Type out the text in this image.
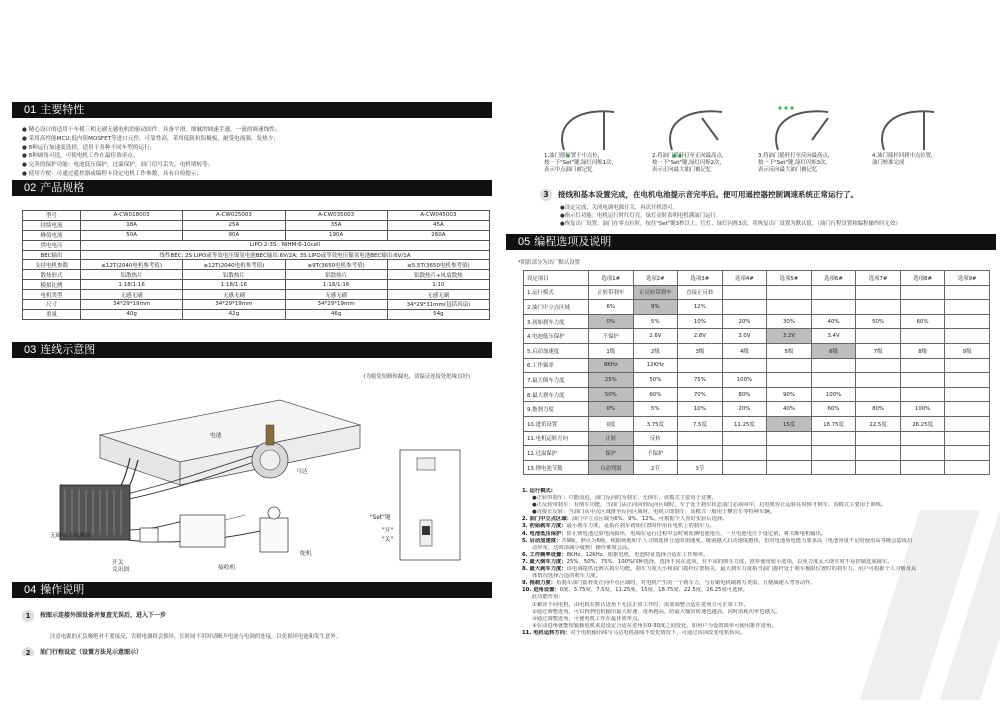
01 主要特性
● 精心设计的适用于车模三相无刷无感电机的驱动固件，具备平滑、细腻的调速手感，一流的调速线性；
● 采用高性能MCU;低内阻MOSFET等进口元件。可靠性高，采用低阻抗铝极板，耐受电流强，发热少；
● 8种运行加速度选择，适用于各种不同车型的运行；
● 8种调角可选，可使电机工作在最佳效率点；
● 完善的保护功能：电池低压保护，过温保护，油门信号丢失，电机堵转等；
● 使用方便：可通过遥控器或编程卡设定电机工作参数，具有自检提示；
02 产品规格
型号	A-CW018003	A-CW025003	A-CW035003	A-CW045003
持续电流	18A	25A	35A	45A
峰值电流	50A	90A	190A	260A
供电电压	LiPO:2-3S ; NIHM:6-10cell			
BEC输出	线性BEC; 2S LIPO或等效电压镍氢电池BEC输出:6V/2A; 3S LIPO或等效电压镍氢电池BEC输出:6V/1A			
支持电机参数	≥12T(2040电机参考值)	≥12T(2040电机参考值)	≥9T(3650电机参考值)	≥5.5T(3650电机参考值)
散热形式	铝散热片	铝散热片	铝散热片	铝散热片+风扇散热
模拟比例	1:18/1:16	1:18/1:16	1:18/1:16	1:10
电机类型	无感无刷	无感无刷	无感无刷	无感无刷
尺寸	34*29*19mm	34*29*19mm	34*29*19mm	34*29*31mm(包括风扇)
重量	40g	42g	46g	54g
03 连线示意图
(为避免短路和漏电，请保证连接处绝缘良好)
电池
马达
无刷电子调速器
开关
兑讯固	接收机
舵机
"Set"键
"开"
"关"
04 操作说明
1 按图示连接外围设备并复查无误后，进入下一步
注意电源的正负极绝对不要接反，否则电调将会损坏，长时间不用时请断开电池与电调的连接，以免损坏电池和发生意外。
2 油门行程设定（设置方法见示意图示）
1.油门摇杆置于中点位，
按一下"Set"键,绿灯闪烁1次,
表示中点油门被记忆
2.将油门摇杆打至正向最高点,
按一下"Set"键,绿灯闪烁2次,
表示正向最大油门被记忆
3.将油门摇杆打至反向最高点,
按一下"Set"键,绿灯闪烁3次,
表示反向最大油门被记忆
4.油门摇杆回到中点位置,
油门校准完成
3 接线和基本设置完成，在电机电池提示音完毕后。便可用遥控器控制调速系统正常运行了。
●设定完成，关闭电调电源开关，再次开机即可。
●指示灯功能：电机运行时红灯亮，绿灯亮时表明电机满油门运行。
●恢复出厂设置：油门在零点位时，按住"Set"键3秒以上，红灯、绿灯闪烁3次，将恢复出厂设置为默认值。（油门行程设置和编程操作时无效）
05 编程选项及说明
*阴影部分为出厂默认设置
设定项目	选项1#	选项2#	选项3#	选项4#	选项5#	选项6#	选项7#	选项8#	选项9#
1.运行模式	正转带刹车	正反转带刹车	直接正反转						
2.油门中立点区域	6%	9%	12%						
3.初始刹车力度	0%	5%	10%	20%	30%	40%	50%	60%	
4.电池低压保护	不保护	2.6V	2.8V	3.0V	3.2V	3.4V			
5.启动加速度	1级	2级	3级	4级	5级	6级	7级	8级	9级
6.工作频率	8KHz	12KHz							
7.最大倒车力度	25%	50%	75%	100%					
8.最大刹车力度	50%	60%	70%	80%	90%	100%			
9.拖刹力度	0%	5%	10%	20%	40%	60%	80%	100%	
10.进角设置	0度	3.75度	7.5度	11.25度	15度	18.75度	22.5度	26.25度	
11.电机运转方向	正转	反转							
12.过温保护	保护	不保护							
13.锂电池节数	自动判别	2节	3节						
1. 运行模式:
●正转带刹车：只能前进，油门反向时为刹车，无倒车，该模式主要用于竞赛。
●正反转带刹车：有倒车功能，当油门从正向回到反向区域时，车子处于刹车状态油门必须回中，启电机停止运转在时候才倒车，该模式主要用于训练。
●直接正反转：当油门从中点区域推至反向区域时，电机立即倒车，该模式一般用于攀岩车等特种车辆。
2. 油门中立点区域：油门中立点区域为6%、9%、12%。可根据个人喜好实验后选择。
3. 初始刹车力度：最小刹车力度，是指在刹车初始位置时作用在电机上的刹车力。
4. 电池低压保护：防止锂电池过放电而损坏，电调在运行过程中会时刻监测电池电压，一旦电池电压于设定值，将关断电机输出。
5. 启动加速度：共9级，默认为6级，根据场地和个人习惯选择合适的加速度，级别越大启动速度越快，但对电池放电能力要求高（电池容量不足时使用高等级会造成启
动异常，达时请减小级数）操作难度会高。
6. 工作频率设置：8KHz、12KHz。根据电机，电池特征选择合适在工作频率。
7. 最大倒车力度：25%、50%、75%、100%四种选择，选择不同在选项，有不同的倒车力度，推荐使用较小选项，以免力度太大倒车时不易控制选成撞车。
8. 最大刹车力度：该电调提供比例式刹车功能，刹车力度大小和油门摇杆位置相关，最大刹车力度指当油门摇杆处于刹车极限位置时的刹车力，用户可根据个人习惯及具
体情况选择合适的刹车力度。
9. 拖刹力度：指刹车油门摇杆处正向中点区域时，对电机产生的一个刹车力，与有刷电机刷刹力类似，方便减速入弯等动作。
10. 进角设置：0度、3.75度、7.5度、11.25度、15度、18.75度、22.5度、26.25度可选择。
此功能作用：
①兼容不同电机，由电机在默认进角下无法正常工作时，需要调整合适在进角方可正常工作。
②通过调整进角，可以得到电机输出最大转速，进角越高，防最大输出转速也越高，同时消耗功率也越大。
③通过调整进角，可使电机工作在最佳效率点。
④在动进角就能按辊载电机来进设定合适在进角在0-30度之间变化，如用户为设置简单可使用推荐进角。
11. 电机运转方向：对于电机输出线与马达电机接线不变化情况下，可通过该项改变电机转向。
